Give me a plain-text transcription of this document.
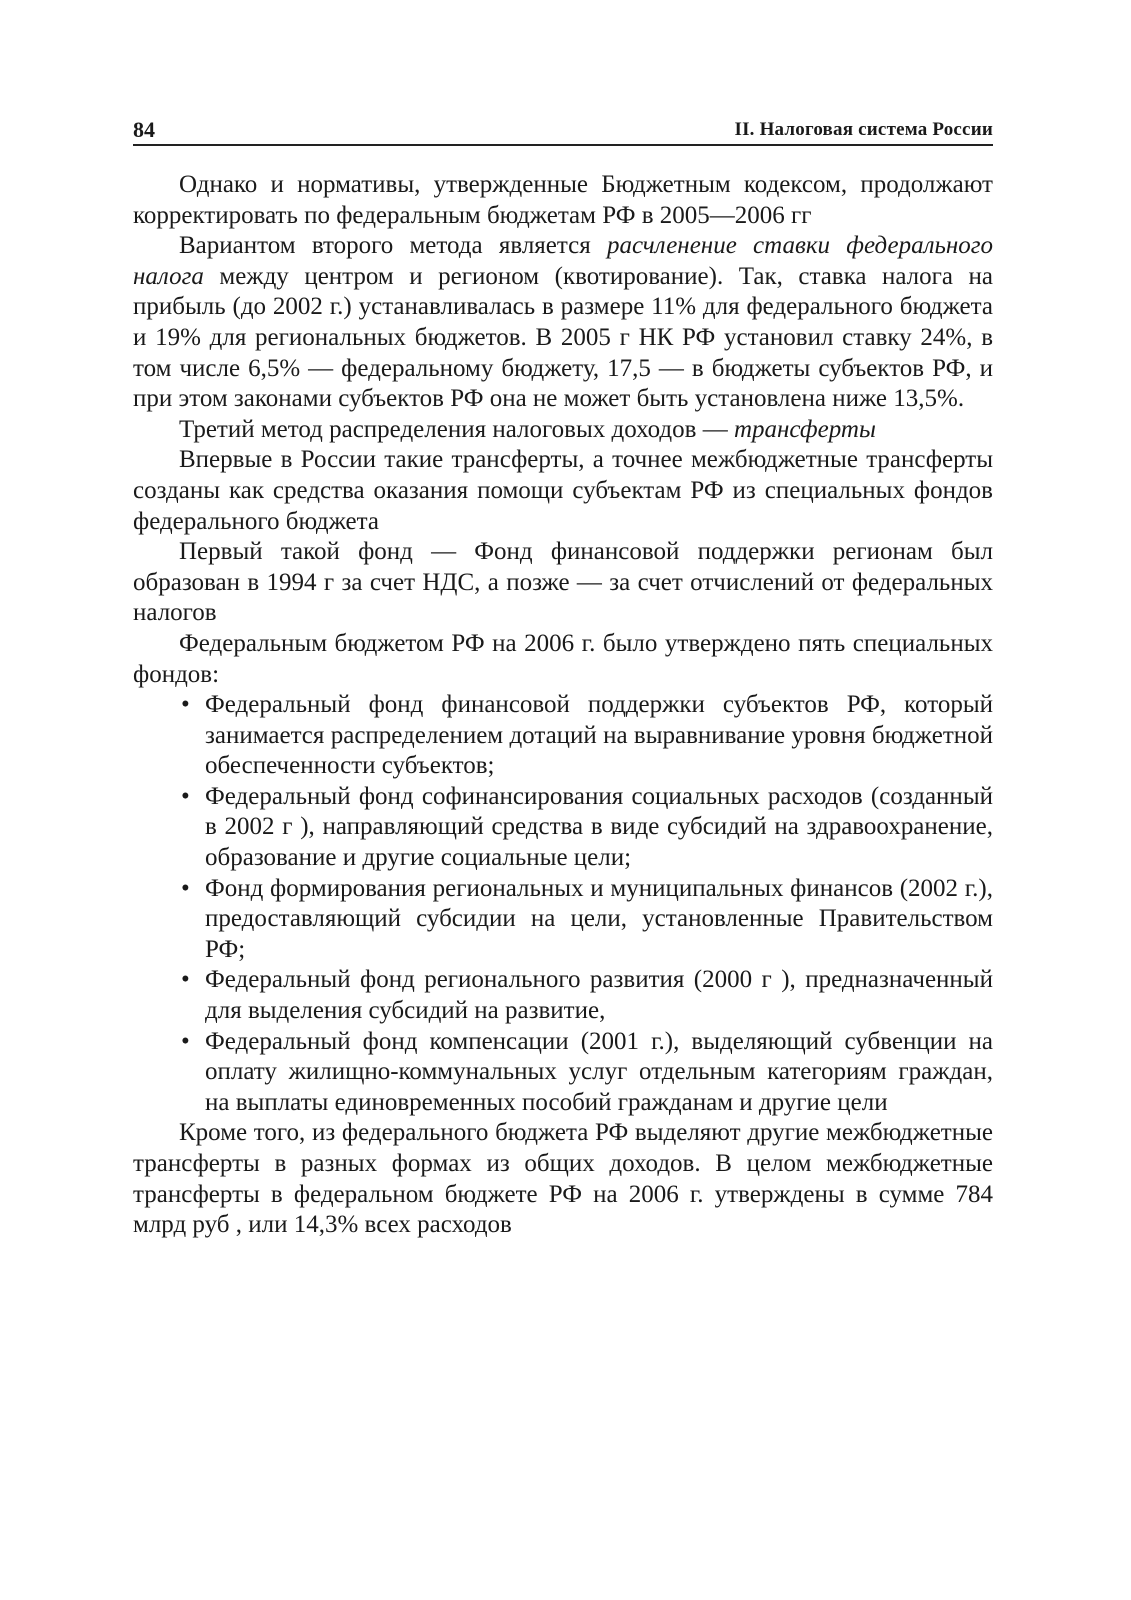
84	II. Налоговая система России

Однако и нормативы, утвержденные Бюджетным кодексом, продолжают корректировать по федеральным бюджетам РФ в 2005—2006 гг

Вариантом второго метода является расчленение ставки федерального налога между центром и регионом (квотирование). Так, ставка налога на прибыль (до 2002 г.) устанавливалась в размере 11% для федерального бюджета и 19% для региональных бюджетов. В 2005 г НК РФ установил ставку 24%, в том числе 6,5% — федеральному бюджету, 17,5 — в бюджеты субъектов РФ, и при этом законами субъектов РФ она не может быть установлена ниже 13,5%.

Третий метод распределения налоговых доходов — трансферты

Впервые в России такие трансферты, а точнее межбюджетные трансферты созданы как средства оказания помощи субъектам РФ из специальных фондов федерального бюджета

Первый такой фонд — Фонд финансовой поддержки регионам был образован в 1994 г за счет НДС, а позже — за счет отчислений от федеральных налогов

Федеральным бюджетом РФ на 2006 г. было утверждено пять специальных фондов:

• Федеральный фонд финансовой поддержки субъектов РФ, который занимается распределением дотаций на выравнивание уровня бюджетной обеспеченности субъектов;
• Федеральный фонд софинансирования социальных расходов (созданный в 2002 г ), направляющий средства в виде субсидий на здравоохранение, образование и другие социальные цели;
• Фонд формирования региональных и муниципальных финансов (2002 г.), предоставляющий субсидии на цели, установленные Правительством РФ;
• Федеральный фонд регионального развития (2000 г ), предназначенный для выделения субсидий на развитие,
• Федеральный фонд компенсации (2001 г.), выделяющий субвенции на оплату жилищно-коммунальных услуг отдельным категориям граждан, на выплаты единовременных пособий гражданам и другие цели

Кроме того, из федерального бюджета РФ выделяют другие межбюджетные трансферты в разных формах из общих доходов. В целом межбюджетные трансферты в федеральном бюджете РФ на 2006 г. утверждены в сумме 784 млрд руб , или 14,3% всех расходов
